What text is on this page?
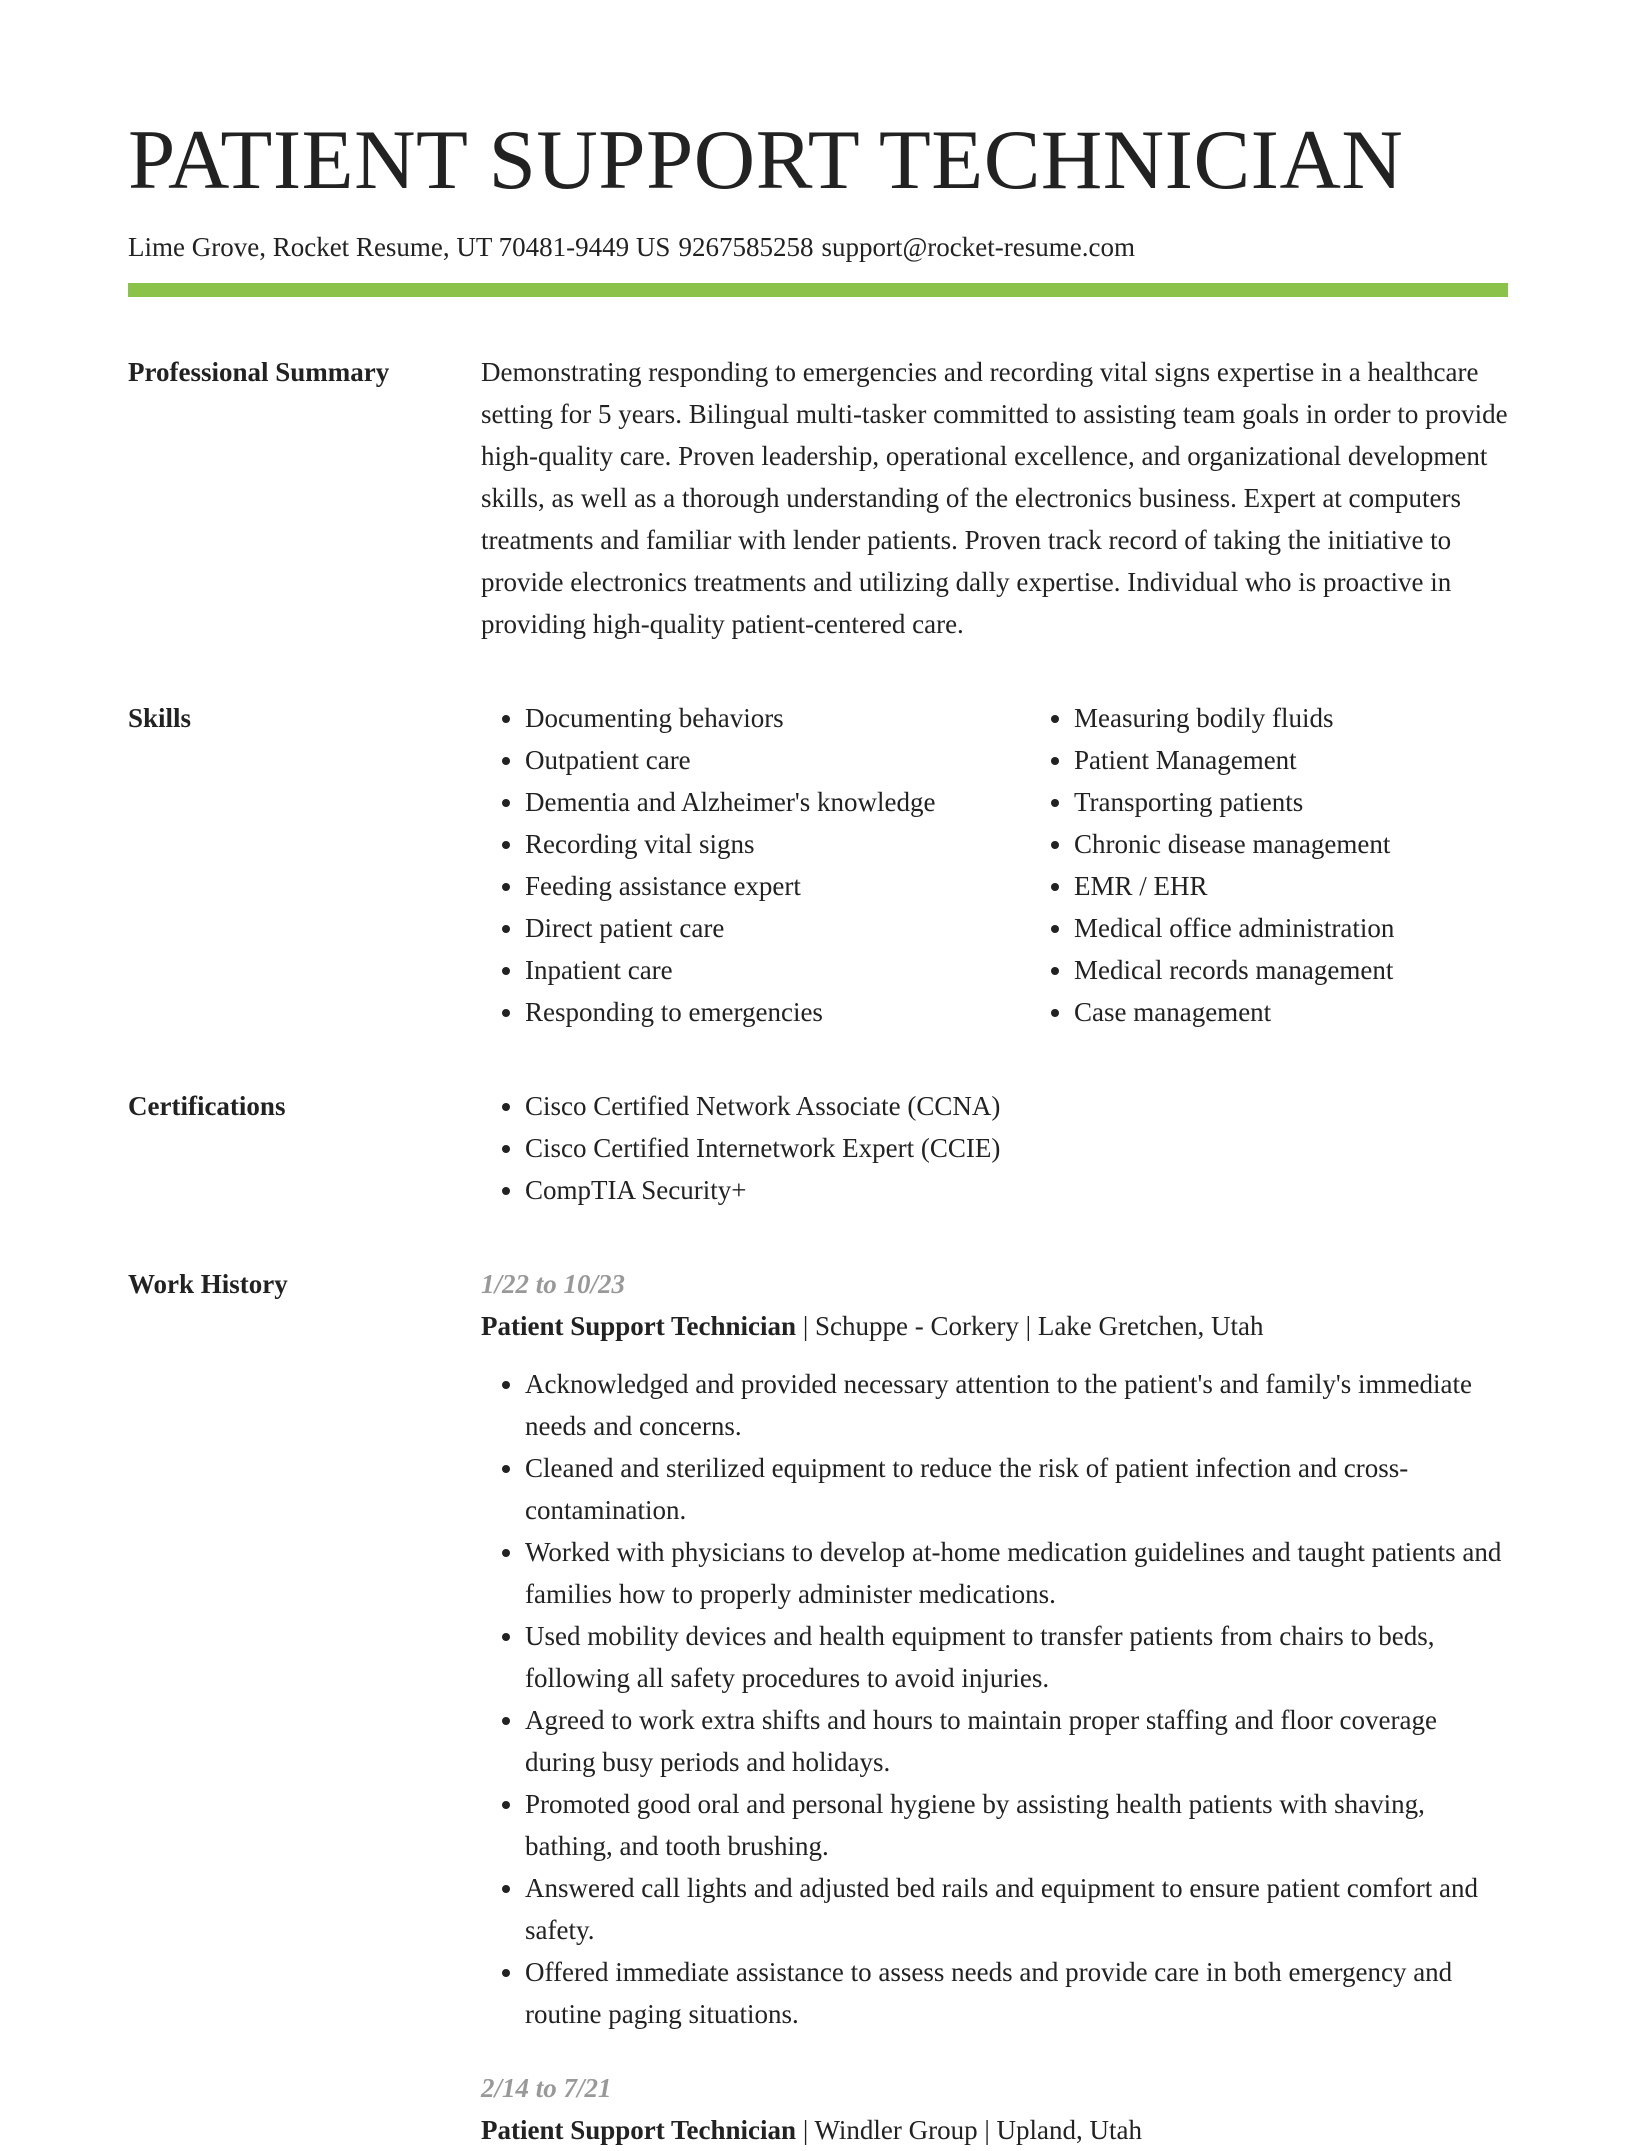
PATIENT SUPPORT TECHNICIAN
Lime Grove, Rocket Resume, UT 70481-9449 US 9267585258 support@rocket-resume.com
Professional Summary	Demonstrating responding to emergencies and recording vital signs expertise in a healthcare setting for 5 years. Bilingual multi-tasker committed to assisting team goals in order to provide high-quality care. Proven leadership, operational excellence, and organizational development skills, as well as a thorough understanding of the electronics business. Expert at computers treatments and familiar with lender patients. Proven track record of taking the initiative to provide electronics treatments and utilizing dally expertise. Individual who is proactive in providing high-quality patient-centered care.
Skills	• Documenting behaviors
• Outpatient care
• Dementia and Alzheimer's knowledge
• Recording vital signs
• Feeding assistance expert
• Direct patient care
• Inpatient care
• Responding to emergencies
• Measuring bodily fluids
• Patient Management
• Transporting patients
• Chronic disease management
• EMR / EHR
• Medical office administration
• Medical records management
• Case management
Certifications	• Cisco Certified Network Associate (CCNA)
• Cisco Certified Internetwork Expert (CCIE)
• CompTIA Security+
Work History	1/22 to 10/23
Patient Support Technician | Schuppe - Corkery | Lake Gretchen, Utah
• Acknowledged and provided necessary attention to the patient's and family's immediate needs and concerns.
• Cleaned and sterilized equipment to reduce the risk of patient infection and cross-contamination.
• Worked with physicians to develop at-home medication guidelines and taught patients and families how to properly administer medications.
• Used mobility devices and health equipment to transfer patients from chairs to beds, following all safety procedures to avoid injuries.
• Agreed to work extra shifts and hours to maintain proper staffing and floor coverage during busy periods and holidays.
• Promoted good oral and personal hygiene by assisting health patients with shaving, bathing, and tooth brushing.
• Answered call lights and adjusted bed rails and equipment to ensure patient comfort and safety.
• Offered immediate assistance to assess needs and provide care in both emergency and routine paging situations.
2/14 to 7/21
Patient Support Technician | Windler Group | Upland, Utah
